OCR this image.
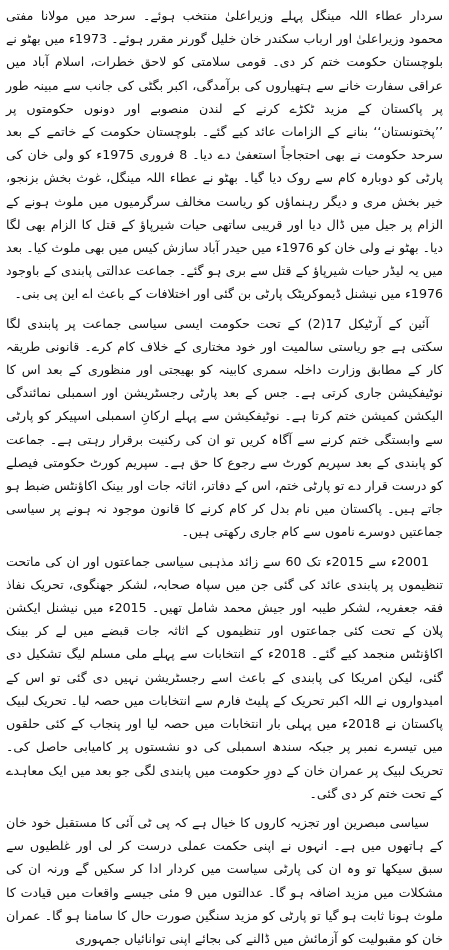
سردار عطاء اللہ مینگل پہلے وزیراعلیٰ منتخب ہوئے۔ سرحد میں مولانا مفتی محمود وزیراعلیٰ اور ارباب سکندر خان خلیل گورنر مقرر ہوئے۔ 1973ء میں بھٹو نے بلوچستان حکومت ختم کر دی۔ قومی سلامتی کو لاحق خطرات، اسلام آباد میں عراقی سفارت خانے سے ہتھیاروں کی برآمدگی، اکبر بگٹی کی جانب سے مبینہ طور پر پاکستان کے مزید ٹکڑے کرنے کے لندن منصوبے اور دونوں حکومتوں پر ’’پختونستان‘‘ بنانے کے الزامات عائد کیے گئے۔ بلوچستان حکومت کے خاتمے کے بعد سرحد حکومت نے بھی احتجاجاً استعفیٰ دے دیا۔ 8 فروری 1975ء کو ولی خان کی پارٹی کو دوبارہ کام سے روک دیا گیا۔ بھٹو نے عطاء اللہ مینگل، غوث بخش بزنجو، خیر بخش مری و دیگر رہنماؤں کو ریاست مخالف سرگرمیوں میں ملوث ہونے کے الزام پر جیل میں ڈال دیا اور قریبی ساتھی حیات شیرپاؤ کے قتل کا الزام بھی لگا دیا۔ بھٹو نے ولی خان کو 1976ء میں حیدر آباد سازش کیس میں بھی ملوث کیا۔ بعد میں یہ لیڈر حیات شیرپاؤ کے قتل سے بری ہو گئے۔ جماعت عدالتی پابندی کے باوجود 1976ء میں نیشنل ڈیموکریٹک پارٹی بن گئی اور اختلافات کے باعث اے این پی بنی۔

آئین کے آرٹیکل 17(2) کے تحت حکومت ایسی سیاسی جماعت پر پابندی لگا سکتی ہے جو ریاستی سالمیت اور خود مختاری کے خلاف کام کرے۔ قانونی طریقہ کار کے مطابق وزارت داخلہ سمری کابینہ کو بھیجتی اور منظوری کے بعد اس کا نوٹیفکیشن جاری کرتی ہے۔ جس کے بعد پارٹی رجسٹریشن اور اسمبلی نمائندگی الیکشن کمیشن ختم کرتا ہے۔ نوٹیفکیشن سے پہلے ارکانِ اسمبلی اسپیکر کو پارٹی سے وابستگی ختم کرنے سے آگاہ کریں تو ان کی رکنیت برقرار رہتی ہے۔ جماعت کو پابندی کے بعد سپریم کورٹ سے رجوع کا حق ہے۔ سپریم کورٹ حکومتی فیصلے کو درست قرار دے تو پارٹی ختم، اس کے دفاتر، اثاثہ جات اور بینک اکاؤنٹس ضبط ہو جاتے ہیں۔ پاکستان میں نام بدل کر کام کرنے کا قانون موجود نہ ہونے پر سیاسی جماعتیں دوسرے ناموں سے کام جاری رکھتی ہیں۔

2001ء سے 2015ء تک 60 سے زائد مذہبی سیاسی جماعتوں اور ان کی ماتحت تنظیموں پر پابندی عائد کی گئی جن میں سپاہ صحابہ، لشکر جھنگوی، تحریک نفاذ فقہ جعفریہ، لشکر طیبہ اور جیش محمد شامل تھیں۔ 2015ء میں نیشنل ایکشن پلان کے تحت کئی جماعتوں اور تنظیموں کے اثاثہ جات قبضے میں لے کر بینک اکاؤنٹس منجمد کیے گئے۔ 2018ء کے انتخابات سے پہلے ملی مسلم لیگ تشکیل دی گئی، لیکن امریکا کی پابندی کے باعث اسے رجسٹریشن نہیں دی گئی تو اس کے امیدواروں نے اللہ اکبر تحریک کے پلیٹ فارم سے انتخابات میں حصہ لیا۔ تحریک لبیک پاکستان نے 2018ء میں پہلی بار انتخابات میں حصہ لیا اور پنجاب کے کئی حلقوں میں تیسرے نمبر پر جبکہ سندھ اسمبلی کی دو نشستوں پر کامیابی حاصل کی۔ تحریک لبیک پر عمران خان کے دورِ حکومت میں پابندی لگی جو بعد میں ایک معاہدے کے تحت ختم کر دی گئی۔

سیاسی مبصرین اور تجزیہ کاروں کا خیال ہے کہ پی ٹی آئی کا مستقبل خود خان کے ہاتھوں میں ہے۔ انہوں نے اپنی حکمت عملی درست کر لی اور غلطیوں سے سبق سیکھا تو وہ ان کی پارٹی سیاست میں کردار ادا کر سکیں گے ورنہ ان کی مشکلات میں مزید اضافہ ہو گا۔ عدالتوں میں 9 مئی جیسے واقعات میں قیادت کا ملوث ہونا ثابت ہو گیا تو پارٹی کو مزید سنگین صورت حال کا سامنا ہو گا۔ عمران خان کو مقبولیت کو آزمائش میں ڈالنے کی بجائے اپنی توانائیاں جمہوری
